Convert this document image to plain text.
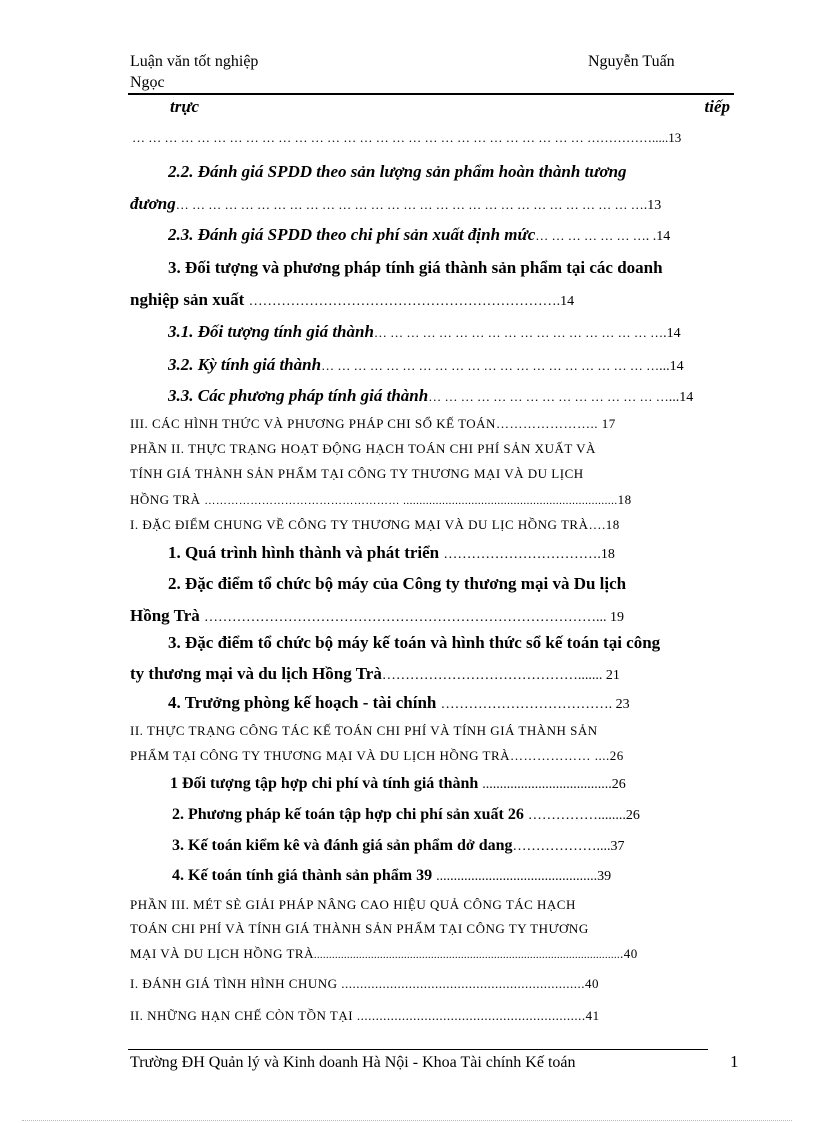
Luận văn tốt nghiệp	Nguyễn Tuấn
Ngọc
trực	tiếp
… … … … … … … … … … … … … … … … … … … … … … … … … … … … …………….....13
2.2. Đánh giá SPDD theo sản lượng sản phẩm hoàn thành tương
đương… … … … … … … … … … … … … … … … … … … … … … … … … … … … ….13
2.3. Đánh giá SPDD theo chi phí sản xuất định mức… … … … … … …. .14
3. Đối tượng và phương pháp tính giá thành sản phẩm tại các doanh
nghiệp sản xuất ………………………………………………………….14
3.1. Đối tượng tính giá thành… … … … … … … … … … … … … … … … … ….14
3.2. Kỳ tính giá thành… … … … … … … … … … … … … … … … … … … … …...14
3.3. Các phương pháp tính giá thành… … … … … … … … … … … … … … …...14
III. CÁC HÌNH THỨC VÀ PHƯƠNG PHÁP CHI SỔ KẾ TOÁN………………….. 17
PHẦN II. THỰC TRẠNG HOẠT ĐỘNG HẠCH TOÁN CHI PHÍ SẢN XUẤT VÀ
TÍNH GIÁ THÀNH SẢN PHẨM TẠI CÔNG TY THƯƠNG MẠI VÀ DU LỊCH
HỒNG TRÀ …………………………………………… ..................................................................18
I. ĐẶC ĐIỂM CHUNG VỀ CÔNG TY THƯƠNG MẠI VÀ DU LỊC HỒNG TRÀ….18
1. Quá trình hình thành và phát triển …………………………….18
2. Đặc điểm tổ chức bộ máy của Công ty thương mại và Du lịch
Hồng Trà …………………………………………………………………………... 19
3. Đặc điểm tổ chức bộ máy kế toán và hình thức sổ kế toán tại công
ty thương mại và du lịch Hồng Trà……………………………………....... 21
4. Trưởng phòng kế hoạch - tài chính ………………………………. 23
II. THỰC TRẠNG CÔNG TÁC KẾ TOÁN CHI PHÍ VÀ TÍNH GIÁ THÀNH SẢN
PHẨM TẠI CÔNG TY THƯƠNG MẠI VÀ DU LỊCH HỒNG TRÀ……………… ....26
1 Đối tượng tập hợp chi phí và tính giá thành .....................................26
2. Phương pháp kế toán tập hợp chi phí sản xuất 26 ……………........26
3. Kế toán kiểm kê và đánh giá sản phẩm dở dang………………....37
4. Kế toán tính giá thành sản phẩm 39 ..............................................39
PHẦN III. MÉT SÈ GIẢI PHÁP NÂNG CAO HIỆU QUẢ CÔNG TÁC HẠCH
TOÁN CHI PHÍ VÀ TÍNH GIÁ THÀNH SẢN PHẨM TẠI CÔNG TY THƯƠNG
MẠI VÀ DU LỊCH HỒNG TRÀ.......................................................................................................40
I. ĐÁNH GIÁ TÌNH HÌNH CHUNG .................................................................40
II. NHỮNG HẠN CHẾ CÒN TỒN TẠI .............................................................41
Trường ĐH Quản lý và Kinh doanh Hà Nội - Khoa Tài chính Kế toán	1
